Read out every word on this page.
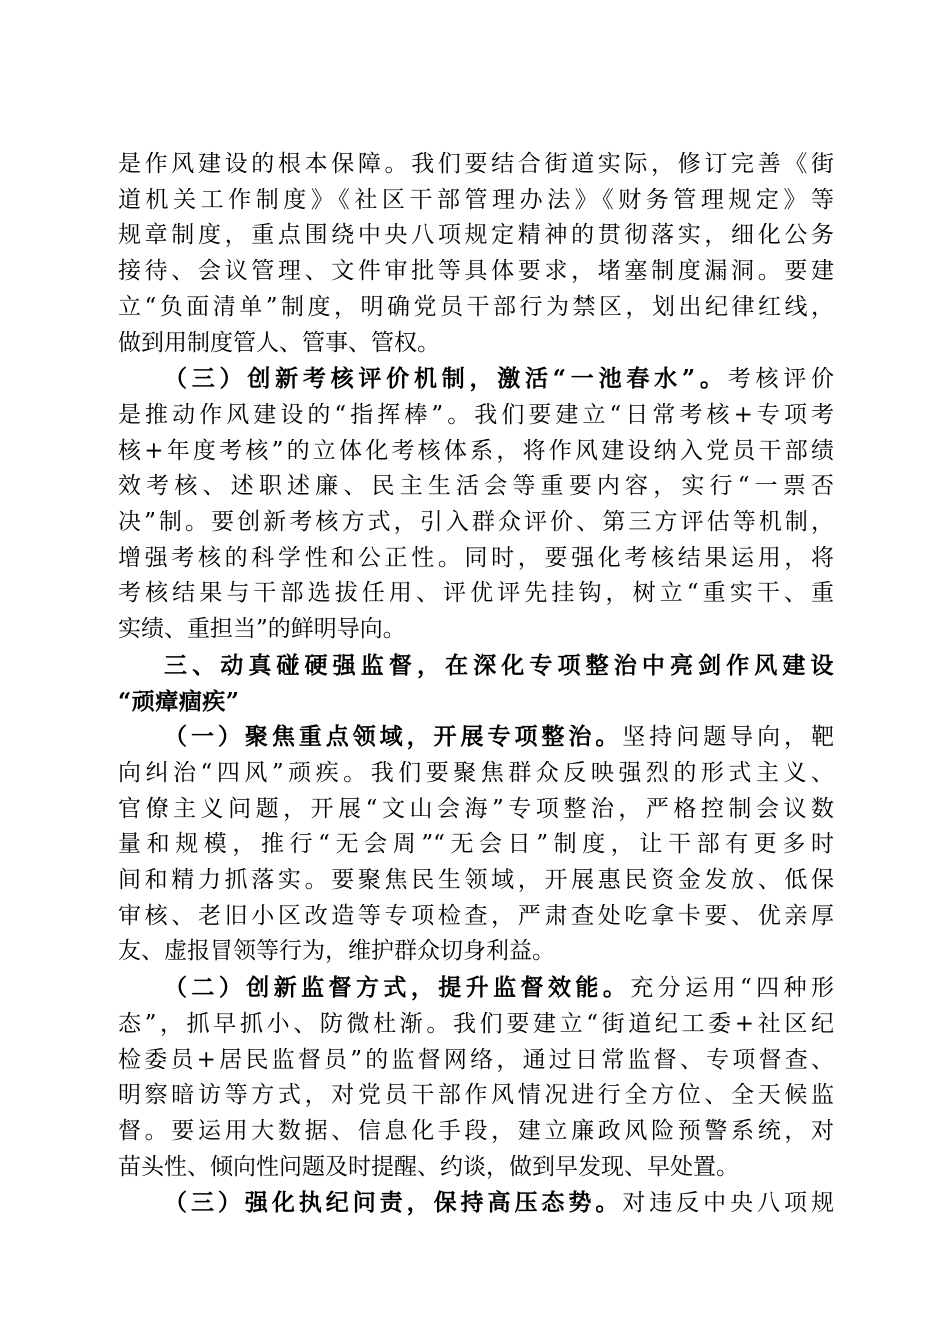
是作风建设的根本保障。我们要结合街道实际，修订完善《街
道机关工作制度》《社区干部管理办法》《财务管理规定》等
规章制度，重点围绕中央八项规定精神的贯彻落实，细化公务
接待、会议管理、文件审批等具体要求，堵塞制度漏洞。要建
立“负面清单”制度，明确党员干部行为禁区，划出纪律红线，
做到用制度管人、管事、管权。
（三）创新考核评价机制，激活“一池春水”。考核评价
是推动作风建设的“指挥棒”。我们要建立“日常考核+专项考
核+年度考核”的立体化考核体系，将作风建设纳入党员干部绩
效考核、述职述廉、民主生活会等重要内容，实行“一票否
决”制。要创新考核方式，引入群众评价、第三方评估等机制，
增强考核的科学性和公正性。同时，要强化考核结果运用，将
考核结果与干部选拔任用、评优评先挂钩，树立“重实干、重
实绩、重担当”的鲜明导向。
三、动真碰硬强监督，在深化专项整治中亮剑作风建设
“顽瘴痼疾”
（一）聚焦重点领域，开展专项整治。坚持问题导向，靶
向纠治“四风”顽疾。我们要聚焦群众反映强烈的形式主义、
官僚主义问题，开展“文山会海”专项整治，严格控制会议数
量和规模，推行“无会周”“无会日”制度，让干部有更多时
间和精力抓落实。要聚焦民生领域，开展惠民资金发放、低保
审核、老旧小区改造等专项检查，严肃查处吃拿卡要、优亲厚
友、虚报冒领等行为，维护群众切身利益。
（二）创新监督方式，提升监督效能。充分运用“四种形
态”，抓早抓小、防微杜渐。我们要建立“街道纪工委+社区纪
检委员+居民监督员”的监督网络，通过日常监督、专项督查、
明察暗访等方式，对党员干部作风情况进行全方位、全天候监
督。要运用大数据、信息化手段，建立廉政风险预警系统，对
苗头性、倾向性问题及时提醒、约谈，做到早发现、早处置。
（三）强化执纪问责，保持高压态势。对违反中央八项规
